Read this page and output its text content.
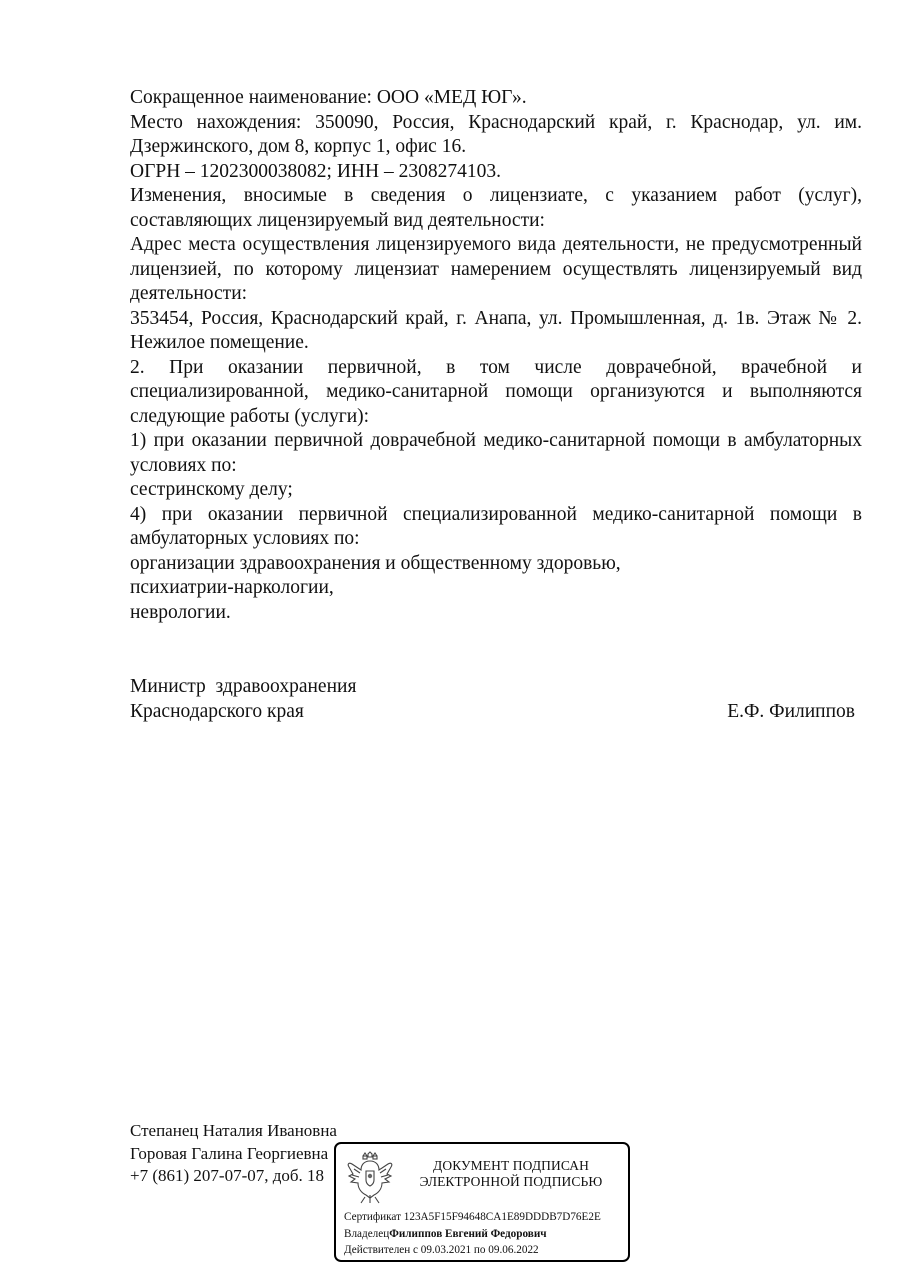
Сокращенное наименование: ООО «МЕД ЮГ».

Место нахождения: 350090, Россия, Краснодарский край, г. Краснодар, ул. им. Дзержинского, дом 8, корпус 1, офис 16.

ОГРН – 1202300038082; ИНН – 2308274103.

Изменения, вносимые в сведения о лицензиате, с указанием работ (услуг), составляющих лицензируемый вид деятельности:

Адрес места осуществления лицензируемого вида деятельности, не предусмотренный лицензией, по которому лицензиат намерением осуществлять лицензируемый вид деятельности:

353454, Россия, Краснодарский край, г. Анапа, ул. Промышленная, д. 1в. Этаж № 2. Нежилое помещение.

2. При оказании первичной, в том числе доврачебной, врачебной и специализированной, медико-санитарной помощи организуются и выполняются следующие работы (услуги):

1) при оказании первичной доврачебной медико-санитарной помощи в амбулаторных условиях по:

сестринскому делу;

4) при оказании первичной специализированной медико-санитарной помощи в амбулаторных условиях по:

организации здравоохранения и общественному здоровью,

психиатрии-наркологии,

неврологии.

Министр  здравоохранения
Краснодарского края	Е.Ф. Филиппов
Степанец Наталия Ивановна
Горовая Галина Георгиевна
+7 (861) 207-07-07, доб. 18
ДОКУМЕНТ ПОДПИСАН
ЭЛЕКТРОННОЙ ПОДПИСЬЮ
Сертификат 123A5F15F94648CA1E89DDDB7D76E2E
ВладелецФилиппов Евгений Федорович
Действителен с 09.03.2021 по 09.06.2022
